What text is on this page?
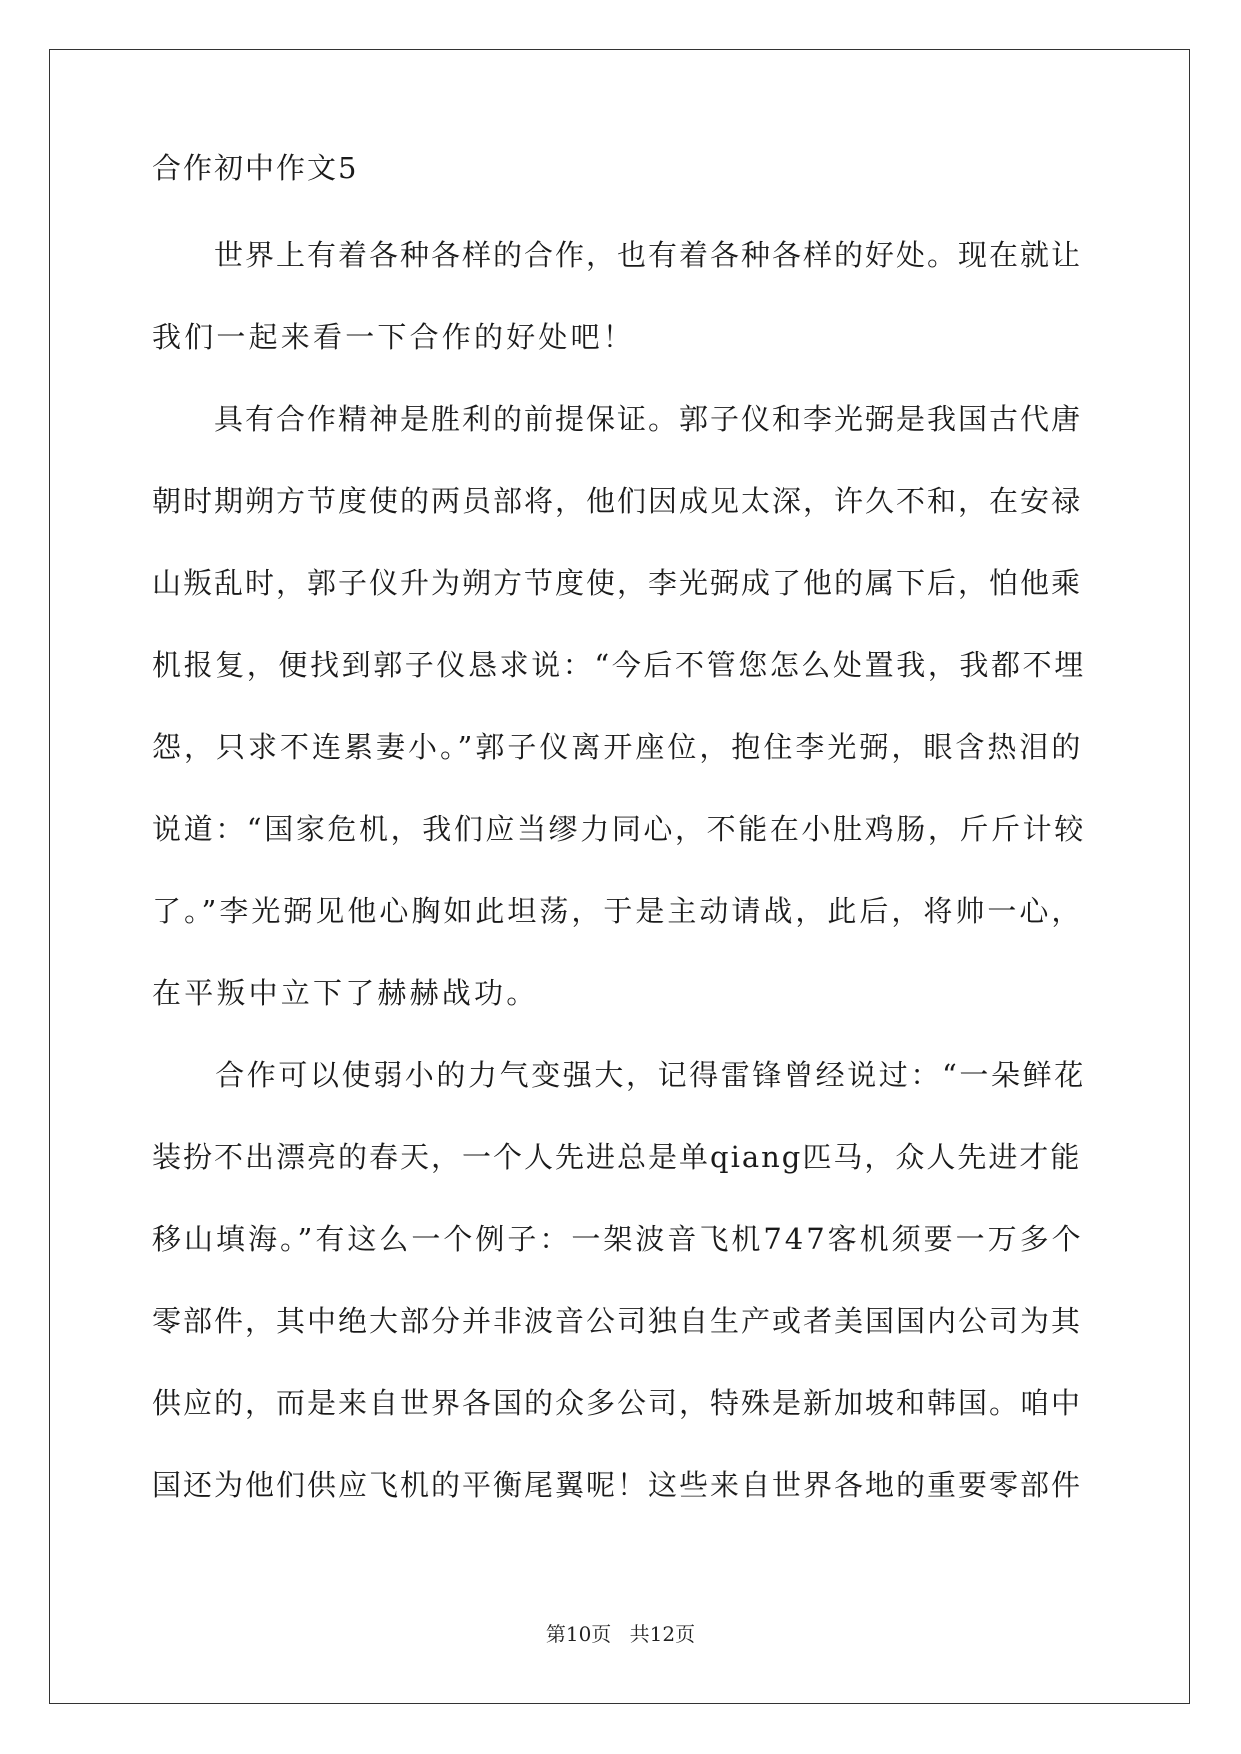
合作初中作文5
　　世界上有着各种各样的合作，也有着各种各样的好处。现在就让
我们一起来看一下合作的好处吧！
　　具有合作精神是胜利的前提保证。郭子仪和李光弼是我国古代唐
朝时期朔方节度使的两员部将，他们因成见太深，许久不和，在安禄
山叛乱时，郭子仪升为朔方节度使，李光弼成了他的属下后，怕他乘
机报复，便找到郭子仪恳求说：“今后不管您怎么处置我，我都不埋
怨，只求不连累妻小。”郭子仪离开座位，抱住李光弼，眼含热泪的
说道：“国家危机，我们应当缪力同心，不能在小肚鸡肠，斤斤计较
了。”李光弼见他心胸如此坦荡，于是主动请战，此后，将帅一心，
在平叛中立下了赫赫战功。
　　合作可以使弱小的力气变强大，记得雷锋曾经说过：“一朵鲜花
装扮不出漂亮的春天，一个人先进总是单qiang匹马，众人先进才能
移山填海。”有这么一个例子：一架波音飞机747客机须要一万多个
零部件，其中绝大部分并非波音公司独自生产或者美国国内公司为其
供应的，而是来自世界各国的众多公司，特殊是新加坡和韩国。咱中
国还为他们供应飞机的平衡尾翼呢！这些来自世界各地的重要零部件
第10页 共12页
